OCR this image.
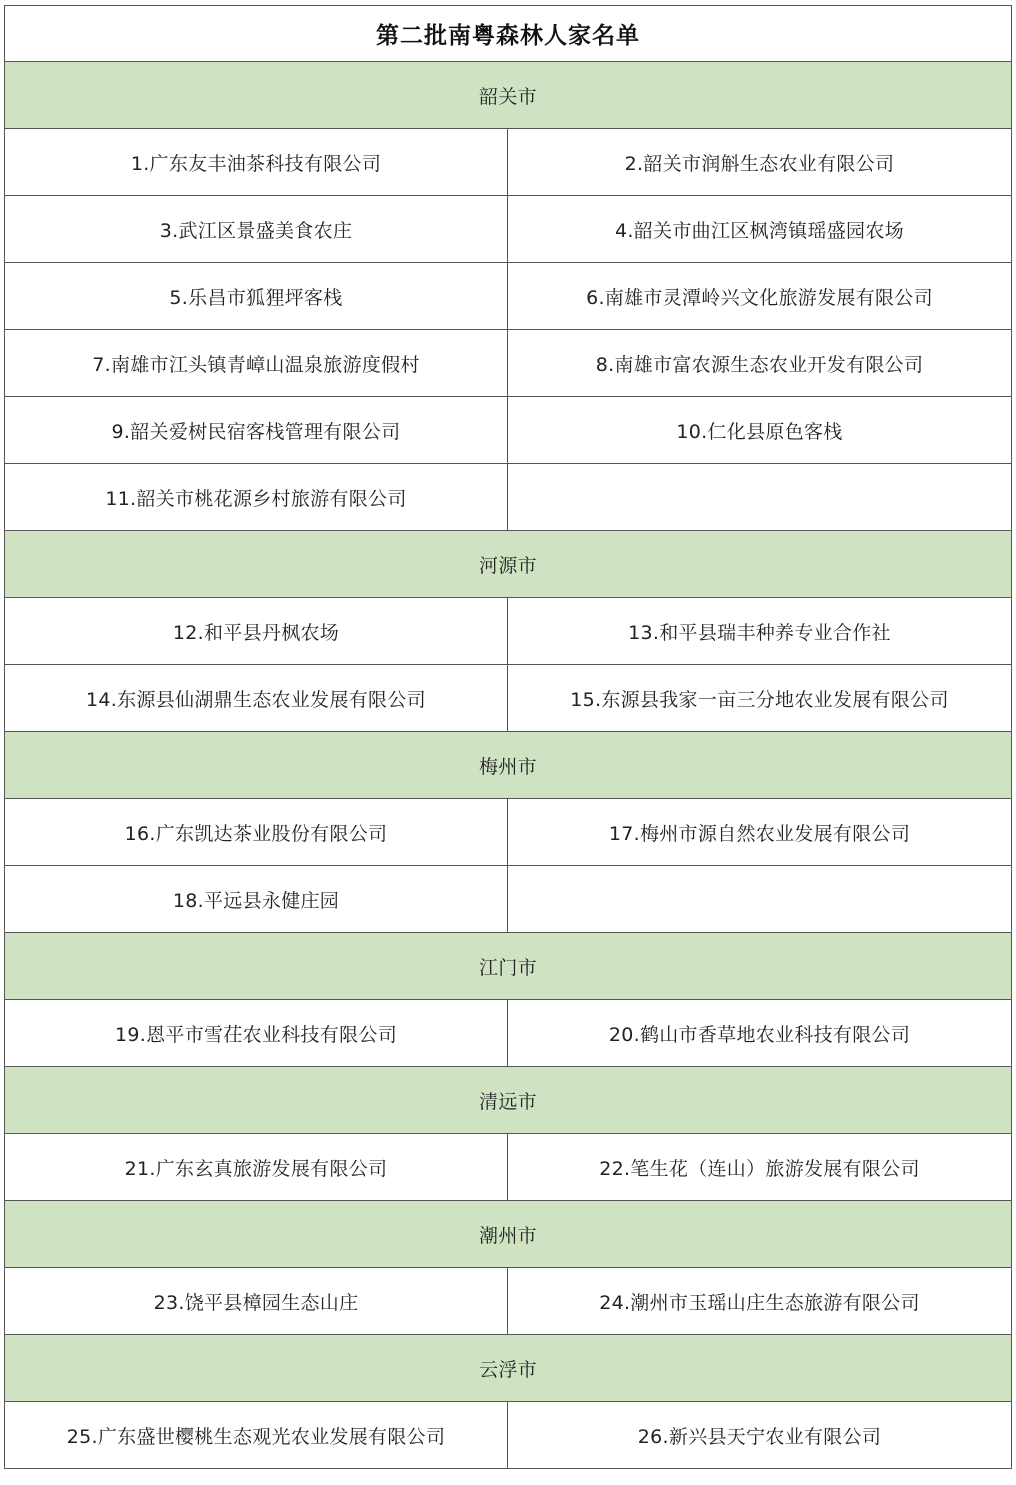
第二批南粤森林人家名单	
韶关市	
1.广东友丰油茶科技有限公司	2.韶关市润斛生态农业有限公司
3.武江区景盛美食农庄	4.韶关市曲江区枫湾镇瑶盛园农场
5.乐昌市狐狸坪客栈	6.南雄市灵潭岭兴文化旅游发展有限公司
7.南雄市江头镇青嶂山温泉旅游度假村	8.南雄市富农源生态农业开发有限公司
9.韶关爱树民宿客栈管理有限公司	10.仁化县原色客栈
11.韶关市桃花源乡村旅游有限公司	
河源市	
12.和平县丹枫农场	13.和平县瑞丰种养专业合作社
14.东源县仙湖鼎生态农业发展有限公司	15.东源县我家一亩三分地农业发展有限公司
梅州市	
16.广东凯达茶业股份有限公司	17.梅州市源自然农业发展有限公司
18.平远县永健庄园	
江门市	
19.恩平市雪茌农业科技有限公司	20.鹤山市香草地农业科技有限公司
清远市	
21.广东玄真旅游发展有限公司	22.笔生花（连山）旅游发展有限公司
潮州市	
23.饶平县樟园生态山庄	24.潮州市玉瑶山庄生态旅游有限公司
云浮市	
25.广东盛世樱桃生态观光农业发展有限公司	26.新兴县天宁农业有限公司
